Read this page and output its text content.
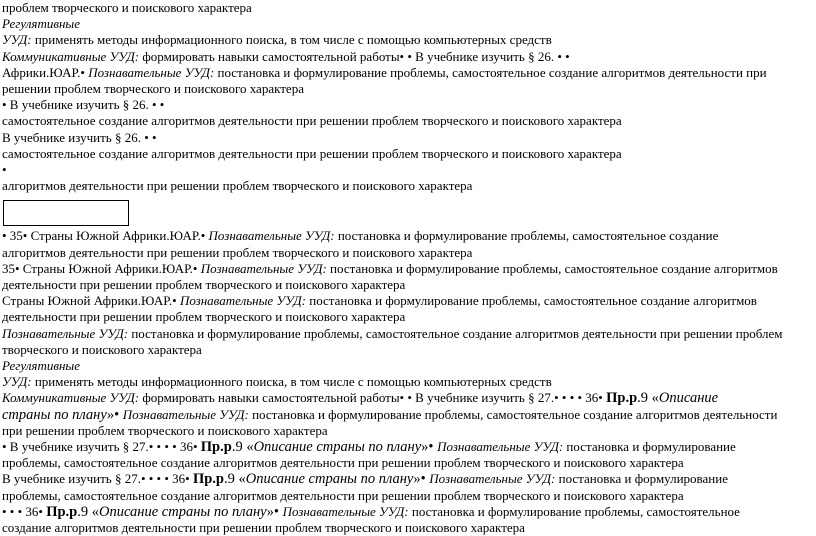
проблем творческого и поискового характера
Регулятивные
УУД: применять методы информационного поиска, в том числе с помощью компьютерных средств
Коммуникативные УУД: формировать навыки самостоятельной работы• • В учебнике изучить § 26. • •
Африки.ЮАР.• Познавательные УУД: постановка и формулирование проблемы, самостоятельное создание алгоритмов деятельности при
решении проблем творческого и поискового характера
• В учебнике изучить § 26. • •
самостоятельное создание алгоритмов деятельности при решении проблем творческого и поискового характера
В учебнике изучить § 26. • •
самостоятельное создание алгоритмов деятельности при решении проблем творческого и поискового характера
•
алгоритмов деятельности при решении проблем творческого и поискового характера
• 35• Страны Южной Африки.ЮАР.• Познавательные УУД: постановка и формулирование проблемы, самостоятельное создание
алгоритмов деятельности при решении проблем творческого и поискового характера
35• Страны Южной Африки.ЮАР.• Познавательные УУД: постановка и формулирование проблемы, самостоятельное создание алгоритмов
деятельности при решении проблем творческого и поискового характера
Страны Южной Африки.ЮАР.• Познавательные УУД: постановка и формулирование проблемы, самостоятельное создание алгоритмов
деятельности при решении проблем творческого и поискового характера
Познавательные УУД: постановка и формулирование проблемы, самостоятельное создание алгоритмов деятельности при решении проблем
творческого и поискового характера
Регулятивные
УУД: применять методы информационного поиска, в том числе с помощью компьютерных средств
Коммуникативные УУД: формировать навыки самостоятельной работы• • В учебнике изучить § 27.• • • • 36• Пр.р.9 «Описание
страны по плану»• Познавательные УУД: постановка и формулирование проблемы, самостоятельное создание алгоритмов деятельности
при решении проблем творческого и поискового характера
• В учебнике изучить § 27.• • • • 36• Пр.р.9 «Описание страны по плану»• Познавательные УУД: постановка и формулирование
проблемы, самостоятельное создание алгоритмов деятельности при решении проблем творческого и поискового характера
В учебнике изучить § 27.• • • • 36• Пр.р.9 «Описание страны по плану»• Познавательные УУД: постановка и формулирование
проблемы, самостоятельное создание алгоритмов деятельности при решении проблем творческого и поискового характера
• • • 36• Пр.р.9 «Описание страны по плану»• Познавательные УУД: постановка и формулирование проблемы, самостоятельное
создание алгоритмов деятельности при решении проблем творческого и поискового характера
